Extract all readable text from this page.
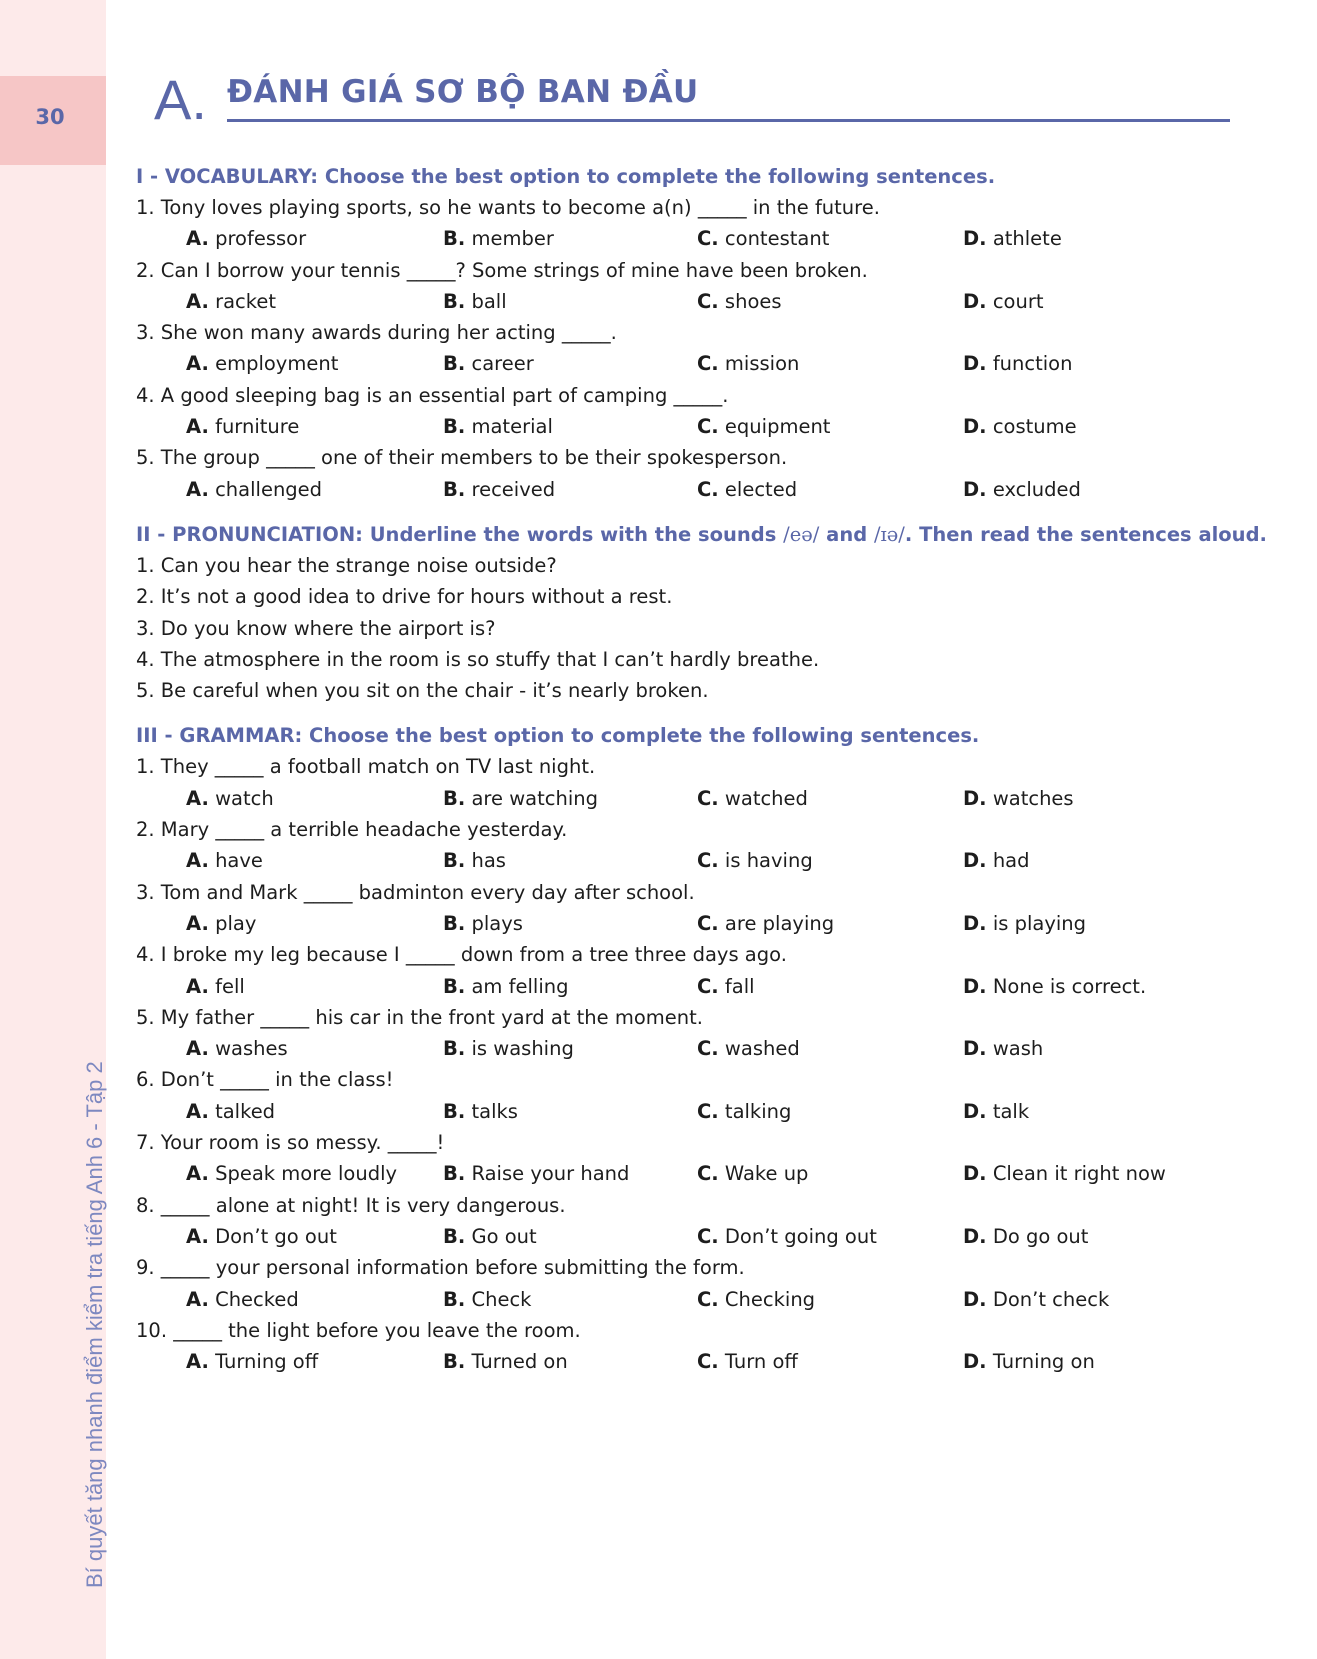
30
Bí quyết tăng nhanh điểm kiểm tra tiếng Anh 6 - Tập 2
A. ĐÁNH GIÁ SƠ BỘ BAN ĐẦU
I - VOCABULARY: Choose the best option to complete the following sentences.
1. Tony loves playing sports, so he wants to become a(n) _____ in the future.
A. professor	B. member	C. contestant	D. athlete
2. Can I borrow your tennis _____? Some strings of mine have been broken.
A. racket	B. ball	C. shoes	D. court
3. She won many awards during her acting _____.
A. employment	B. career	C. mission	D. function
4. A good sleeping bag is an essential part of camping _____.
A. furniture	B. material	C. equipment	D. costume
5. The group _____ one of their members to be their spokesperson.
A. challenged	B. received	C. elected	D. excluded
II - PRONUNCIATION: Underline the words with the sounds /eə/ and /ɪə/. Then read the sentences aloud.
1. Can you hear the strange noise outside?
2. It’s not a good idea to drive for hours without a rest.
3. Do you know where the airport is?
4. The atmosphere in the room is so stuffy that I can’t hardly breathe.
5. Be careful when you sit on the chair - it’s nearly broken.
III - GRAMMAR: Choose the best option to complete the following sentences.
1. They _____ a football match on TV last night.
A. watch	B. are watching	C. watched	D. watches
2. Mary _____ a terrible headache yesterday.
A. have	B. has	C. is having	D. had
3. Tom and Mark _____ badminton every day after school.
A. play	B. plays	C. are playing	D. is playing
4. I broke my leg because I _____ down from a tree three days ago.
A. fell	B. am felling	C. fall	D. None is correct.
5. My father _____ his car in the front yard at the moment.
A. washes	B. is washing	C. washed	D. wash
6. Don’t _____ in the class!
A. talked	B. talks	C. talking	D. talk
7. Your room is so messy. _____!
A. Speak more loudly B. Raise your hand	C. Wake up	D. Clean it right now
8. _____ alone at night! It is very dangerous.
A. Don’t go out	B. Go out	C. Don’t going out	D. Do go out
9. _____ your personal information before submitting the form.
A. Checked	B. Check	C. Checking	D. Don’t check
10. _____ the light before you leave the room.
A. Turning off	B. Turned on	C. Turn off	D. Turning on
